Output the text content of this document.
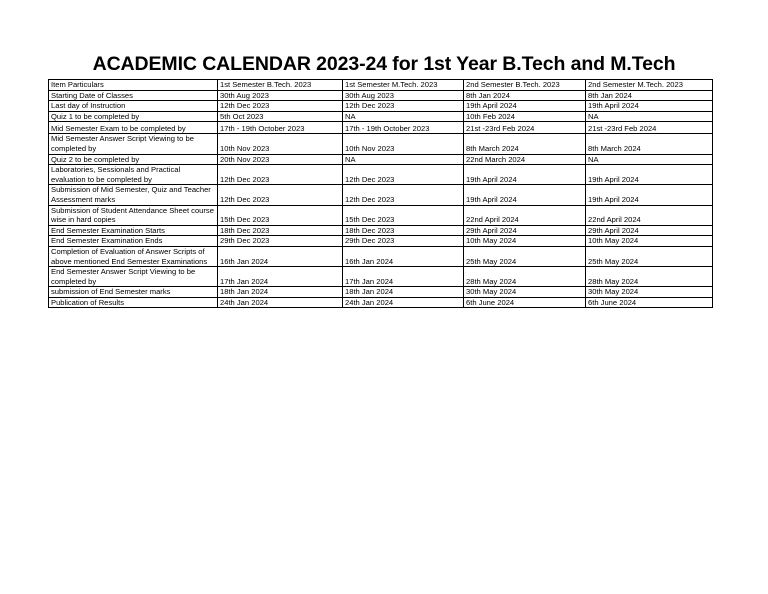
ACADEMIC CALENDAR 2023-24 for 1st Year B.Tech and M.Tech
Item Particulars	1st Semester B.Tech. 2023	1st Semester M.Tech. 2023	2nd Semester B.Tech. 2023	2nd Semester M.Tech. 2023
Starting Date of Classes	30th Aug 2023	30th Aug 2023	8th Jan 2024	8th Jan 2024
Last day of Instruction	12th Dec 2023	12th Dec 2023	19th April 2024	19th April 2024
Quiz 1 to be completed by	5th Oct 2023	NA	10th Feb 2024	NA
Mid Semester Exam to be completed by	17th - 19th October 2023	17th - 19th October 2023	21st -23rd Feb 2024	21st -23rd Feb 2024
Mid Semester Answer Script Viewing to be completed by	10th Nov 2023	10th Nov 2023	8th March 2024	8th March 2024
Quiz 2 to be completed by	20th Nov 2023	NA	22nd March 2024	NA
Laboratories, Sessionals and Practical evaluation to be completed by	12th Dec 2023	12th Dec 2023	19th April 2024	19th April 2024
Submission of Mid Semester, Quiz and Teacher Assessment marks	12th Dec 2023	12th Dec 2023	19th April 2024	19th April 2024
Submission of Student Attendance Sheet course wise in hard copies	15th Dec 2023	15th Dec 2023	22nd April 2024	22nd April 2024
End Semester Examination Starts	18th Dec 2023	18th Dec 2023	29th April 2024	29th April 2024
End Semester Examination Ends	29th Dec 2023	29th Dec 2023	10th May 2024	10th May 2024
Completion of Evaluation of Answer Scripts of above mentioned End Semester Examinations	16th Jan 2024	16th Jan 2024	25th May 2024	25th May 2024
End Semester Answer Script Viewing to be completed by	17th Jan 2024	17th Jan 2024	28th May 2024	28th May 2024
submission of End Semester marks	18th Jan 2024	18th Jan 2024	30th May 2024	30th May 2024
Publication of Results	24th Jan 2024	24th Jan 2024	6th June 2024	6th June 2024
